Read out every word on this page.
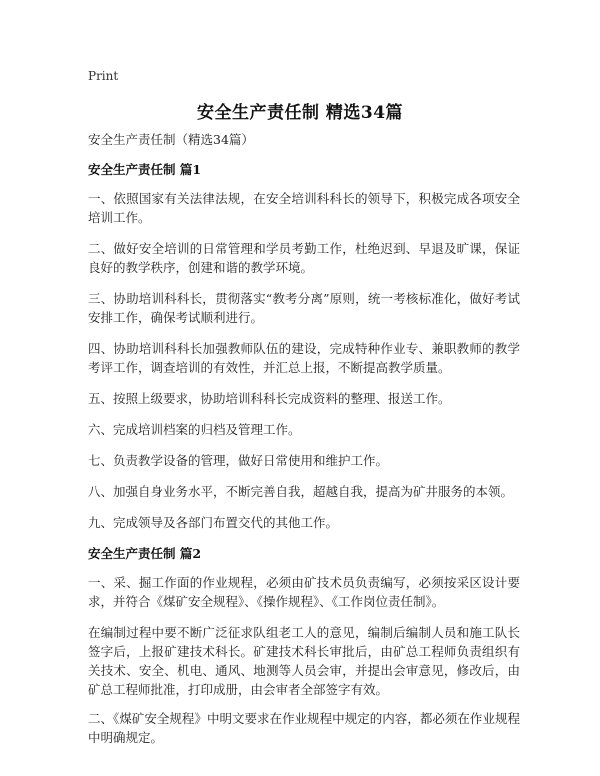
Print
安全生产责任制 精选34篇

安全生产责任制（精选34篇）

安全生产责任制 篇1

一、依照国家有关法律法规，在安全培训科科长的领导下，积极完成各项安全培训工作。

二、做好安全培训的日常管理和学员考勤工作，杜绝迟到、早退及旷课，保证良好的教学秩序，创建和谐的教学环境。

三、协助培训科科长，贯彻落实“教考分离”原则，统一考核标准化，做好考试安排工作，确保考试顺利进行。

四、协助培训科科长加强教师队伍的建设，完成特种作业专、兼职教师的教学考评工作，调查培训的有效性，并汇总上报，不断提高教学质量。

五、按照上级要求，协助培训科科长完成资料的整理、报送工作。

六、完成培训档案的归档及管理工作。

七、负责教学设备的管理，做好日常使用和维护工作。

八、加强自身业务水平，不断完善自我，超越自我，提高为矿井服务的本领。

九、完成领导及各部门布置交代的其他工作。

安全生产责任制 篇2

一、采、掘工作面的作业规程，必须由矿技术员负责编写，必须按采区设计要求，并符合《煤矿安全规程》、《操作规程》、《工作岗位责任制》。

在编制过程中要不断广泛征求队组老工人的意见，编制后编制人员和施工队长签字后，上报矿建技术科长。矿建技术科长审批后，由矿总工程师负责组织有关技术、安全、机电、通风、地测等人员会审，并提出会审意见，修改后，由矿总工程师批准，打印成册，由会审者全部签字有效。

二、《煤矿安全规程》中明文要求在作业规程中规定的内容，都必须在作业规程中明确规定。
